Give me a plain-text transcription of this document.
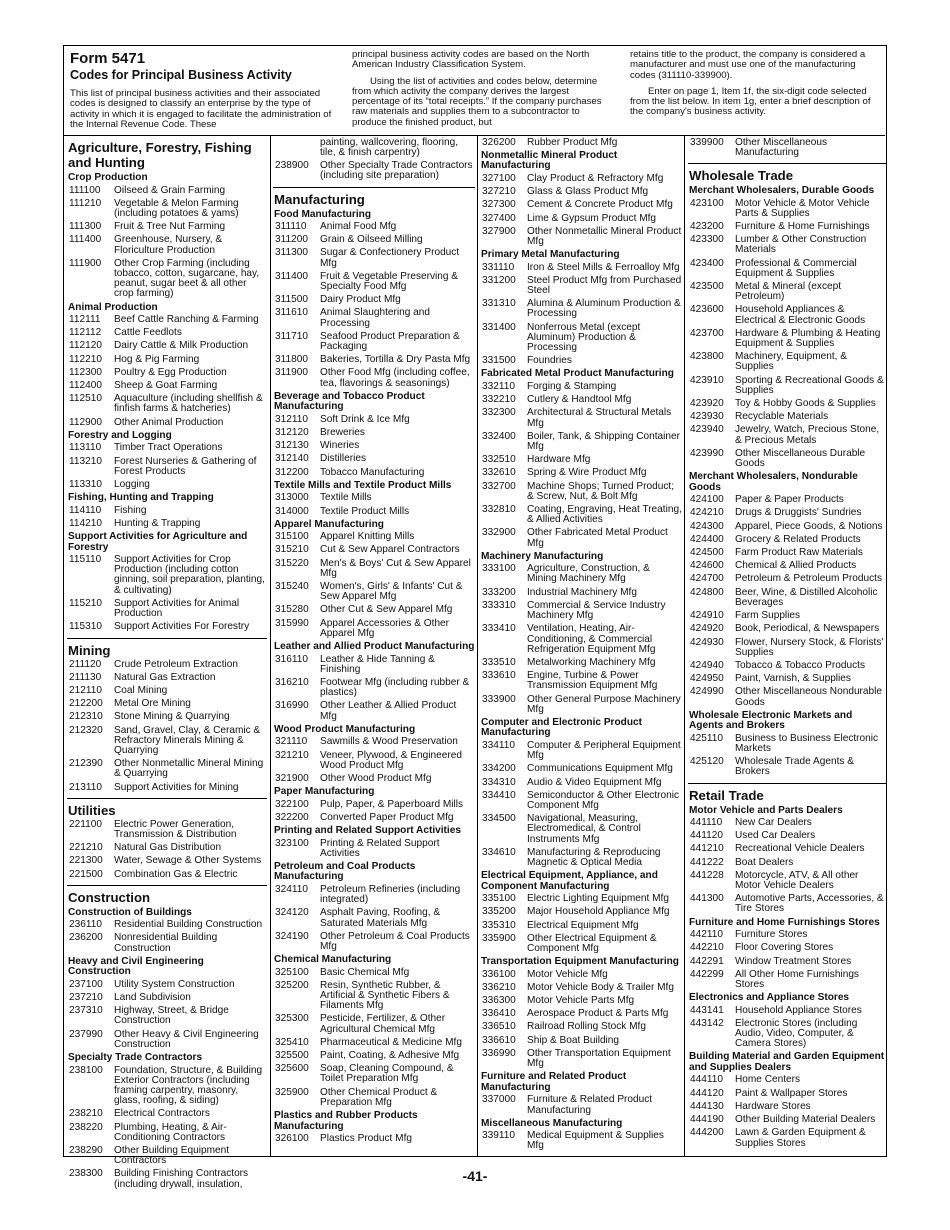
Form 5471
Codes for Principal Business Activity

This list of principal business activities and their associated codes is designed to classify an enterprise by the type of activity in which it is engaged to facilitate the administration of the Internal Revenue Code. These

principal business activity codes are based on the North American Industry Classification System.

Using the list of activities and codes below, determine from which activity the company derives the largest percentage of its “total receipts.” If the company purchases raw materials and supplies them to a subcontractor to produce the finished product, but

retains title to the product, the company is considered a manufacturer and must use one of the manufacturing codes (311110-339900).

Enter on page 1, Item 1f, the six-digit code selected from the list below. In item 1g, enter a brief description of the company's business activity.

Agriculture, Forestry, Fishing and Hunting
Crop Production
111100	Oilseed & Grain Farming
111210	Vegetable & Melon Farming (including potatoes & yams)
111300	Fruit & Tree Nut Farming
111400	Greenhouse, Nursery, & Floriculture Production
111900	Other Crop Farming (including tobacco, cotton, sugarcane, hay, peanut, sugar beet & all other crop farming)
Animal Production
112111	Beef Cattle Ranching & Farming
112112	Cattle Feedlots
112120	Dairy Cattle & Milk Production
112210	Hog & Pig Farming
112300	Poultry & Egg Production
112400	Sheep & Goat Farming
112510	Aquaculture (including shellfish & finfish farms & hatcheries)
112900	Other Animal Production
Forestry and Logging
113110	Timber Tract Operations
113210	Forest Nurseries & Gathering of Forest Products
113310	Logging
Fishing, Hunting and Trapping
114110	Fishing
114210	Hunting & Trapping
Support Activities for Agriculture and Forestry
115110	Support Activities for Crop Production (including cotton ginning, soil preparation, planting, & cultivating)
115210	Support Activities for Animal Production
115310	Support Activities For Forestry
Mining
211120	Crude Petroleum Extraction
211130	Natural Gas Extraction
212110	Coal Mining
212200	Metal Ore Mining
212310	Stone Mining & Quarrying
212320	Sand, Gravel, Clay, & Ceramic & Refractory Minerals Mining & Quarrying
212390	Other Nonmetallic Mineral Mining & Quarrying
213110	Support Activities for Mining
Utilities
221100	Electric Power Generation, Transmission & Distribution
221210	Natural Gas Distribution
221300	Water, Sewage & Other Systems
221500	Combination Gas & Electric
Construction
Construction of Buildings
236110	Residential Building Construction
236200	Nonresidential Building Construction
Heavy and Civil Engineering Construction
237100	Utility System Construction
237210	Land Subdivision
237310	Highway, Street, & Bridge Construction
237990	Other Heavy & Civil Engineering Construction
Specialty Trade Contractors
238100	Foundation, Structure, & Building Exterior Contractors (including framing carpentry, masonry, glass, roofing, & siding)
238210	Electrical Contractors
238220	Plumbing, Heating, & Air-Conditioning Contractors
238290	Other Building Equipment Contractors
238300	Building Finishing Contractors (including drywall, insulation,
painting, wallcovering, flooring, tile, & finish carpentry)
238900	Other Specialty Trade Contractors (including site preparation)
Manufacturing
Food Manufacturing
311110	Animal Food Mfg
311200	Grain & Oilseed Milling
311300	Sugar & Confectionery Product Mfg
311400	Fruit & Vegetable Preserving & Specialty Food Mfg
311500	Dairy Product Mfg
311610	Animal Slaughtering and Processing
311710	Seafood Product Preparation & Packaging
311800	Bakeries, Tortilla & Dry Pasta Mfg
311900	Other Food Mfg (including coffee, tea, flavorings & seasonings)
Beverage and Tobacco Product Manufacturing
312110	Soft Drink & Ice Mfg
312120	Breweries
312130	Wineries
312140	Distilleries
312200	Tobacco Manufacturing
Textile Mills and Textile Product Mills
313000	Textile Mills
314000	Textile Product Mills
Apparel Manufacturing
315100	Apparel Knitting Mills
315210	Cut & Sew Apparel Contractors
315220	Men's & Boys' Cut & Sew Apparel Mfg
315240	Women's, Girls' & Infants' Cut & Sew Apparel Mfg
315280	Other Cut & Sew Apparel Mfg
315990	Apparel Accessories & Other Apparel Mfg
Leather and Allied Product Manufacturing
316110	Leather & Hide Tanning & Finishing
316210	Footwear Mfg (including rubber & plastics)
316990	Other Leather & Allied Product Mfg
Wood Product Manufacturing
321110	Sawmills & Wood Preservation
321210	Veneer, Plywood, & Engineered Wood Product Mfg
321900	Other Wood Product Mfg
Paper Manufacturing
322100	Pulp, Paper, & Paperboard Mills
322200	Converted Paper Product Mfg
Printing and Related Support Activities
323100	Printing & Related Support Activities
Petroleum and Coal Products Manufacturing
324110	Petroleum Refineries (including integrated)
324120	Asphalt Paving, Roofing, & Saturated Materials Mfg
324190	Other Petroleum & Coal Products Mfg
Chemical Manufacturing
325100	Basic Chemical Mfg
325200	Resin, Synthetic Rubber, & Artificial & Synthetic Fibers & Filaments Mfg
325300	Pesticide, Fertilizer, & Other Agricultural Chemical Mfg
325410	Pharmaceutical & Medicine Mfg
325500	Paint, Coating, & Adhesive Mfg
325600	Soap, Cleaning Compound, & Toilet Preparation Mfg
325900	Other Chemical Product & Preparation Mfg
Plastics and Rubber Products Manufacturing
326100	Plastics Product Mfg
326200	Rubber Product Mfg
Nonmetallic Mineral Product Manufacturing
327100	Clay Product & Refractory Mfg
327210	Glass & Glass Product Mfg
327300	Cement & Concrete Product Mfg
327400	Lime & Gypsum Product Mfg
327900	Other Nonmetallic Mineral Product Mfg
Primary Metal Manufacturing
331110	Iron & Steel Mills & Ferroalloy Mfg
331200	Steel Product Mfg from Purchased Steel
331310	Alumina & Aluminum Production & Processing
331400	Nonferrous Metal (except Aluminum) Production & Processing
331500	Foundries
Fabricated Metal Product Manufacturing
332110	Forging & Stamping
332210	Cutlery & Handtool Mfg
332300	Architectural & Structural Metals Mfg
332400	Boiler, Tank, & Shipping Container Mfg
332510	Hardware Mfg
332610	Spring & Wire Product Mfg
332700	Machine Shops; Turned Product; & Screw, Nut, & Bolt Mfg
332810	Coating, Engraving, Heat Treating, & Allied Activities
332900	Other Fabricated Metal Product Mfg
Machinery Manufacturing
333100	Agriculture, Construction, & Mining Machinery Mfg
333200	Industrial Machinery Mfg
333310	Commercial & Service Industry Machinery Mfg
333410	Ventilation, Heating, Air-Conditioning, & Commercial Refrigeration Equipment Mfg
333510	Metalworking Machinery Mfg
333610	Engine, Turbine & Power Transmission Equipment Mfg
333900	Other General Purpose Machinery Mfg
Computer and Electronic Product Manufacturing
334110	Computer & Peripheral Equipment Mfg
334200	Communications Equipment Mfg
334310	Audio & Video Equipment Mfg
334410	Semiconductor & Other Electronic Component Mfg
334500	Navigational, Measuring, Electromedical, & Control Instruments Mfg
334610	Manufacturing & Reproducing Magnetic & Optical Media
Electrical Equipment, Appliance, and Component Manufacturing
335100	Electric Lighting Equipment Mfg
335200	Major Household Appliance Mfg
335310	Electrical Equipment Mfg
335900	Other Electrical Equipment & Component Mfg
Transportation Equipment Manufacturing
336100	Motor Vehicle Mfg
336210	Motor Vehicle Body & Trailer Mfg
336300	Motor Vehicle Parts Mfg
336410	Aerospace Product & Parts Mfg
336510	Railroad Rolling Stock Mfg
336610	Ship & Boat Building
336990	Other Transportation Equipment Mfg
Furniture and Related Product Manufacturing
337000	Furniture & Related Product Manufacturing
Miscellaneous Manufacturing
339110	Medical Equipment & Supplies Mfg
339900	Other Miscellaneous Manufacturing
Wholesale Trade
Merchant Wholesalers, Durable Goods
423100	Motor Vehicle & Motor Vehicle Parts & Supplies
423200	Furniture & Home Furnishings
423300	Lumber & Other Construction Materials
423400	Professional & Commercial Equipment & Supplies
423500	Metal & Mineral (except Petroleum)
423600	Household Appliances & Electrical & Electronic Goods
423700	Hardware & Plumbing & Heating Equipment & Supplies
423800	Machinery, Equipment, & Supplies
423910	Sporting & Recreational Goods & Supplies
423920	Toy & Hobby Goods & Supplies
423930	Recyclable Materials
423940	Jewelry, Watch, Precious Stone, & Precious Metals
423990	Other Miscellaneous Durable Goods
Merchant Wholesalers, Nondurable Goods
424100	Paper & Paper Products
424210	Drugs & Druggists' Sundries
424300	Apparel, Piece Goods, & Notions
424400	Grocery & Related Products
424500	Farm Product Raw Materials
424600	Chemical & Allied Products
424700	Petroleum & Petroleum Products
424800	Beer, Wine, & Distilled Alcoholic Beverages
424910	Farm Supplies
424920	Book, Periodical, & Newspapers
424930	Flower, Nursery Stock, & Florists' Supplies
424940	Tobacco & Tobacco Products
424950	Paint, Varnish, & Supplies
424990	Other Miscellaneous Nondurable Goods
Wholesale Electronic Markets and Agents and Brokers
425110	Business to Business Electronic Markets
425120	Wholesale Trade Agents & Brokers
Retail Trade
Motor Vehicle and Parts Dealers
441110	New Car Dealers
441120	Used Car Dealers
441210	Recreational Vehicle Dealers
441222	Boat Dealers
441228	Motorcycle, ATV, & All other Motor Vehicle Dealers
441300	Automotive Parts, Accessories, & Tire Stores
Furniture and Home Furnishings Stores
442110	Furniture Stores
442210	Floor Covering Stores
442291	Window Treatment Stores
442299	All Other Home Furnishings Stores
Electronics and Appliance Stores
443141	Household Appliance Stores
443142	Electronic Stores (including Audio, Video, Computer, & Camera Stores)
Building Material and Garden Equipment and Supplies Dealers
444110	Home Centers
444120	Paint & Wallpaper Stores
444130	Hardware Stores
444190	Other Building Material Dealers
444200	Lawn & Garden Equipment & Supplies Stores
-41-
